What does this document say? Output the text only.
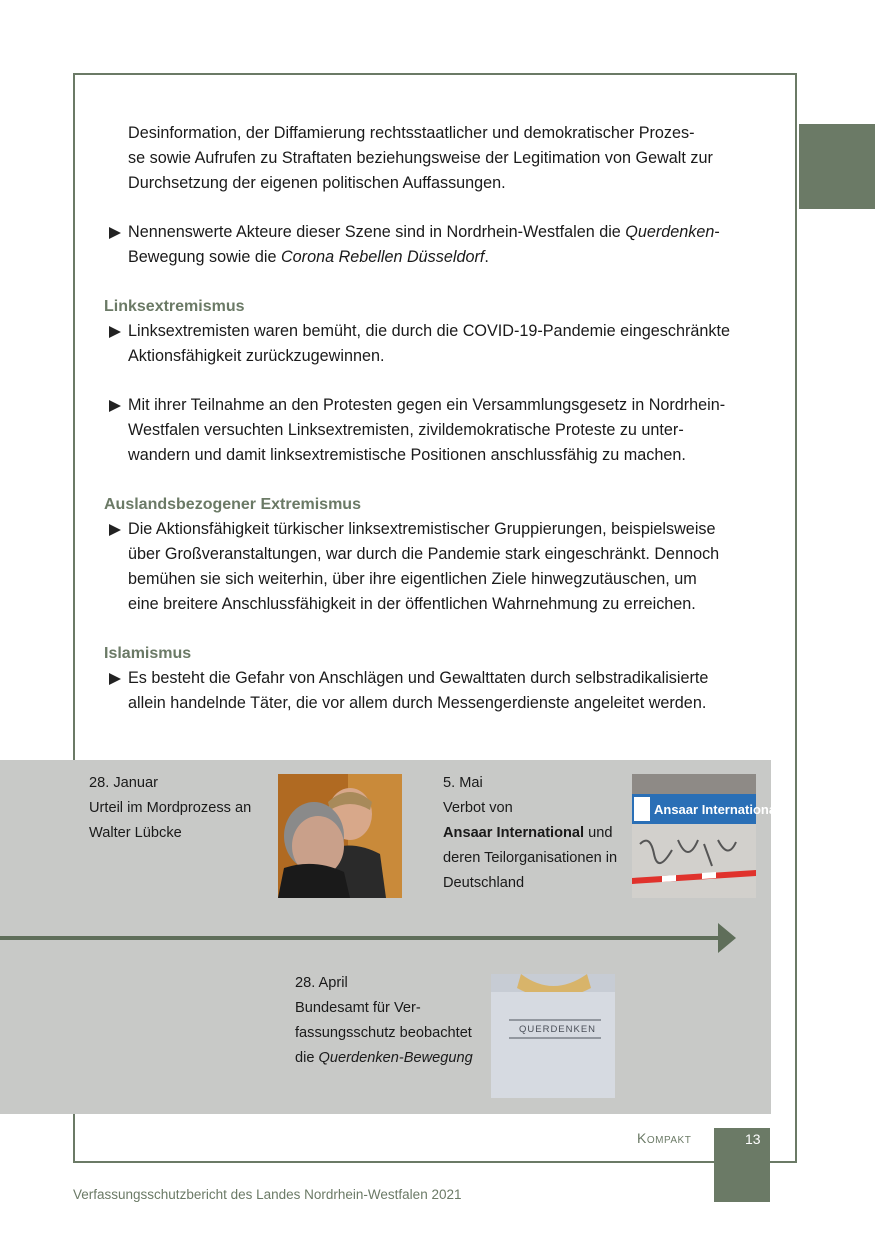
Desinformation, der Diffamierung rechtsstaatlicher und demokratischer Prozes-
se sowie Aufrufen zu Straftaten beziehungsweise der Legitimation von Gewalt zur
Durchsetzung der eigenen politischen Auffassungen.

Nennenswerte Akteure dieser Szene sind in Nordrhein-Westfalen die Querdenken-
Bewegung sowie die Corona Rebellen Düsseldorf.

Linksextremismus

Linksextremisten waren bemüht, die durch die COVID-19-Pandemie eingeschränkte
Aktionsfähigkeit zurückzugewinnen.

Mit ihrer Teilnahme an den Protesten gegen ein Versammlungsgesetz in Nordrhein-
Westfalen versuchten Linksextremisten, zivildemokratische Proteste zu unter-
wandern und damit linksextremistische Positionen anschlussfähig zu machen.

Auslandsbezogener Extremismus

Die Aktionsfähigkeit türkischer linksextremistischer Gruppierungen, beispielsweise
über Großveranstaltungen, war durch die Pandemie stark eingeschränkt. Dennoch
bemühen sie sich weiterhin, über ihre eigentlichen Ziele hinwegzutäuschen, um
eine breitere Anschlussfähigkeit in der öffentlichen Wahrnehmung zu erreichen.

Islamismus

Es besteht die Gefahr von Anschlägen und Gewalttaten durch selbstradikalisierte
allein handelnde Täter, die vor allem durch Messengerdienste angeleitet werden.

28. Januar
Urteil im Mordprozess an
Walter Lübcke
5. Mai
Verbot von
Ansaar International und
deren Teilorganisationen in
Deutschland
Ansaar International
28. April
Bundesamt für Ver-
fassungsschutz beobachtet
die Querdenken-Bewegung
QUERDENKEN
Kompakt	13
Verfassungsschutzbericht des Landes Nordrhein-Westfalen 2021
